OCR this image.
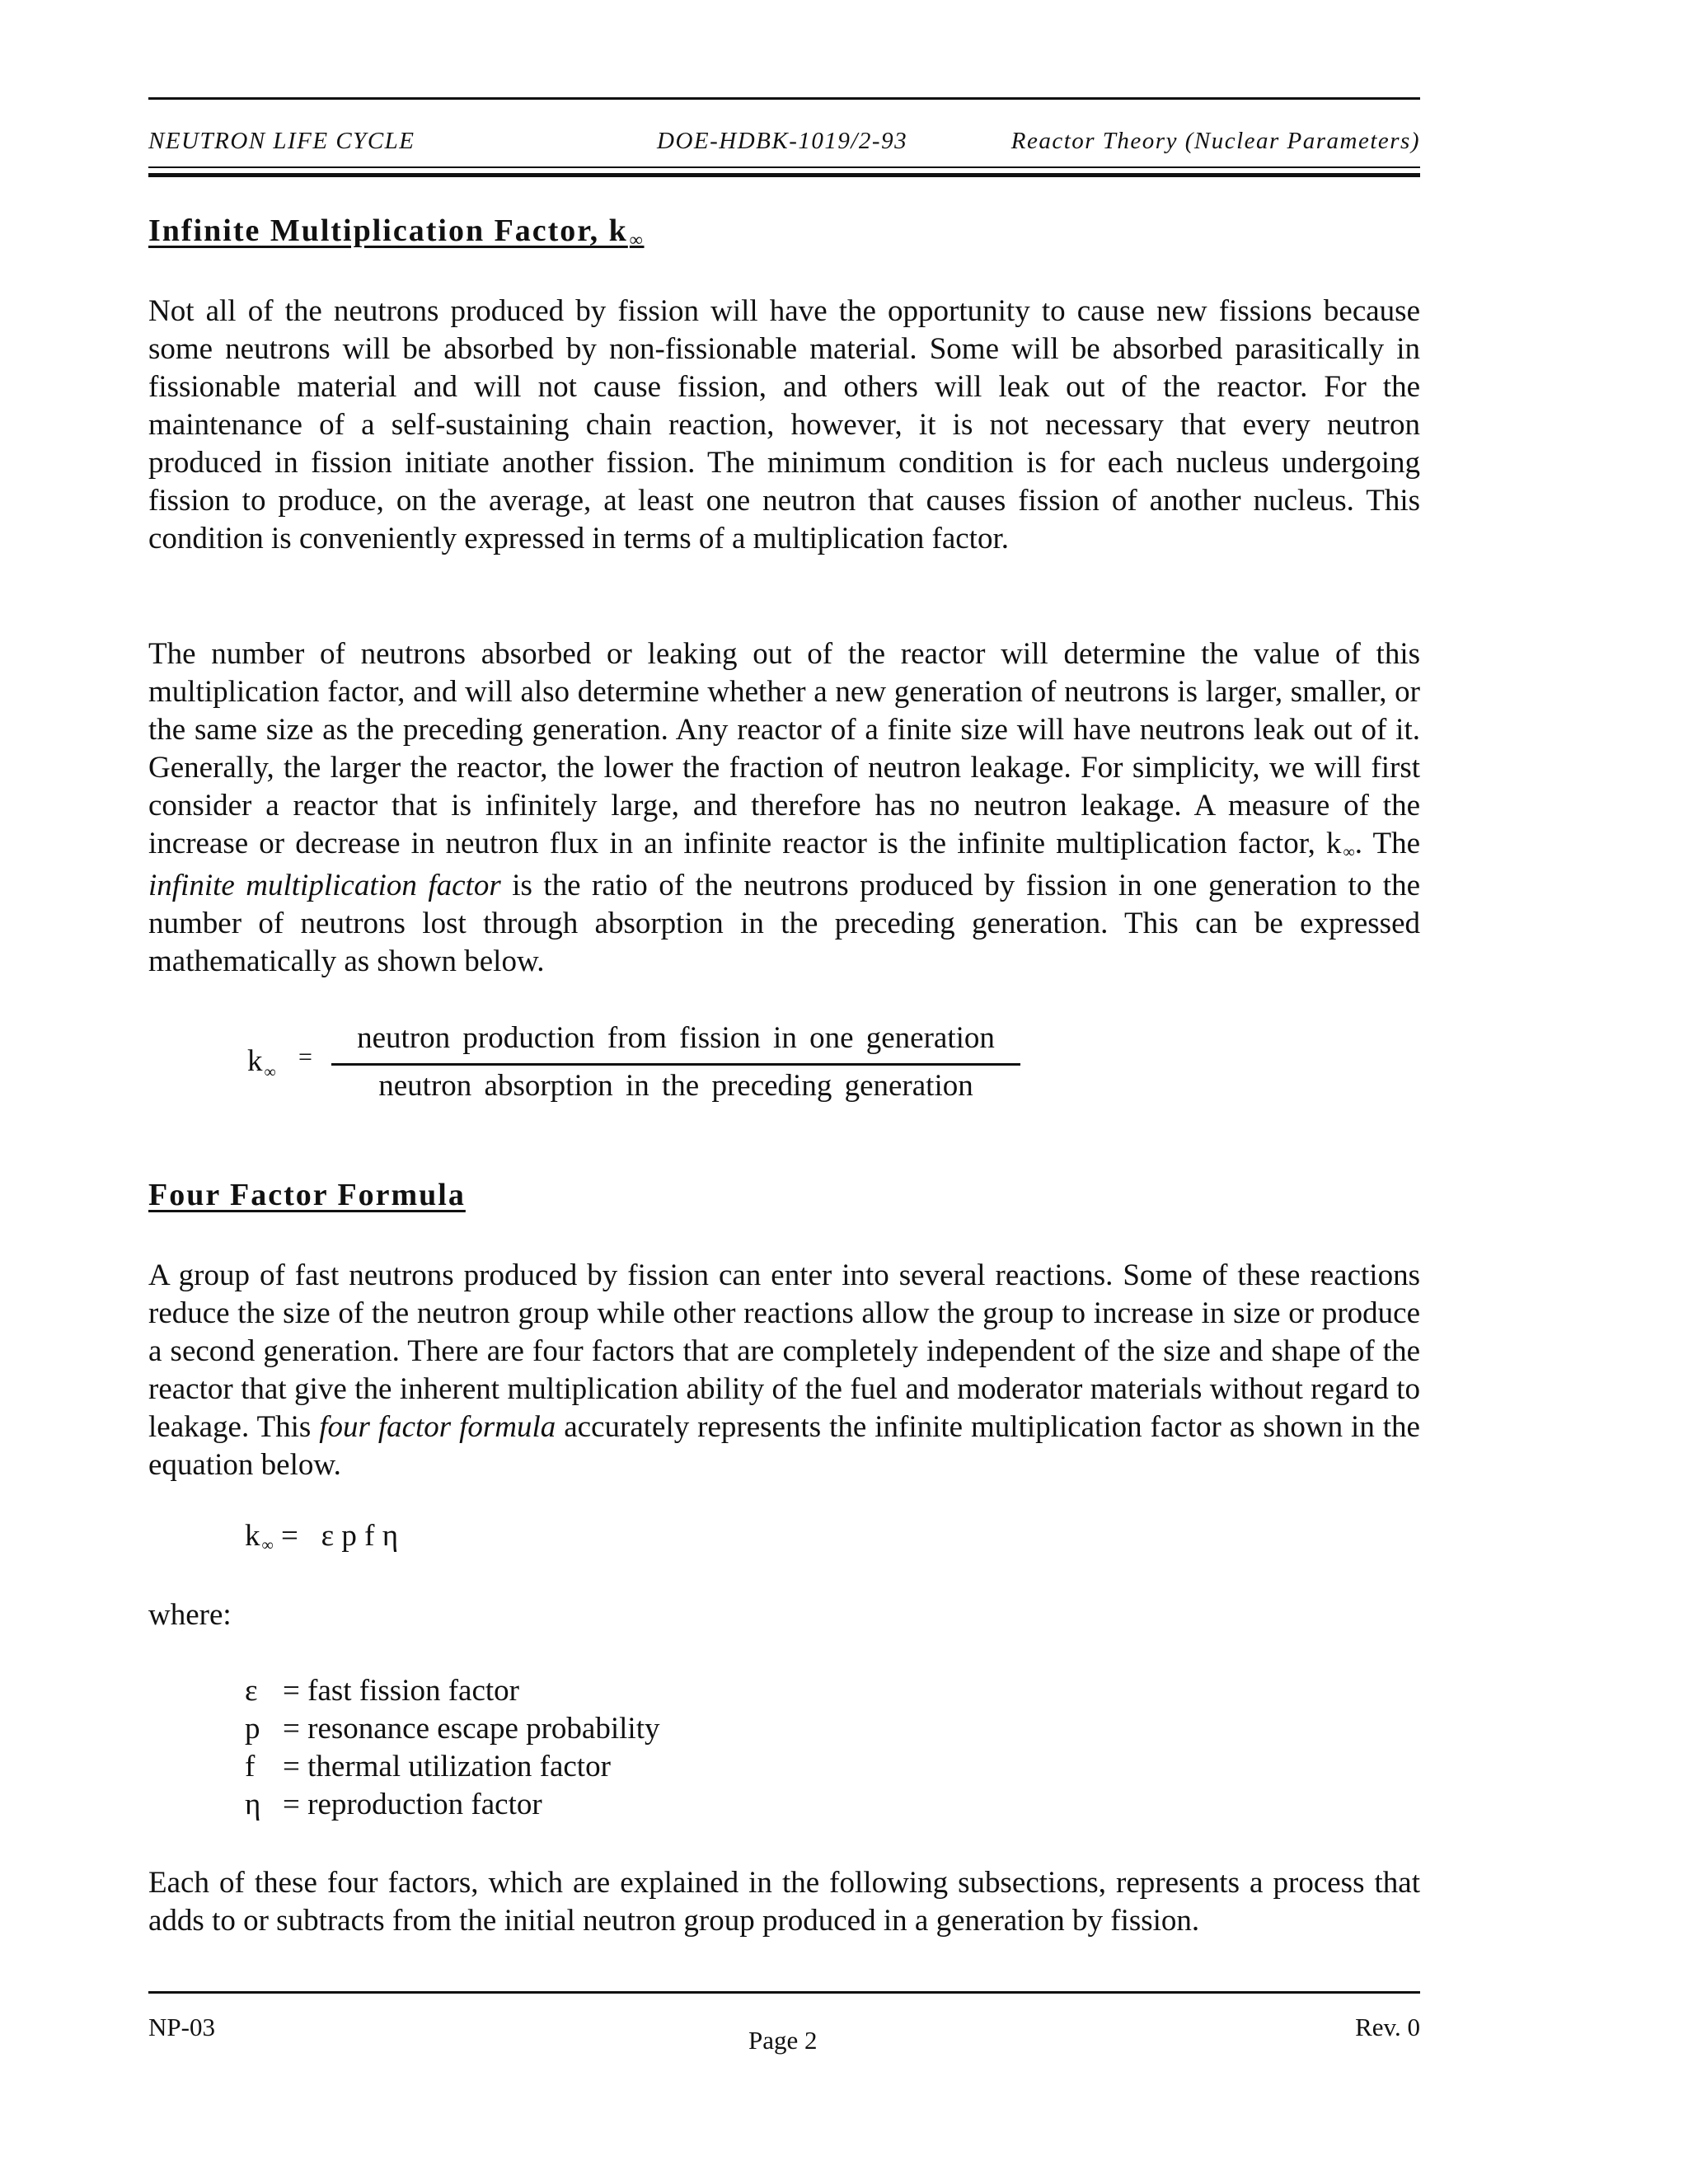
NEUTRON LIFE CYCLE	DOE-HDBK-1019/2-93	Reactor Theory (Nuclear Parameters)
Infinite Multiplication Factor, k∞

Not all of the neutrons produced by fission will have the opportunity to cause new fissions because some neutrons will be absorbed by non-fissionable material. Some will be absorbed parasitically in fissionable material and will not cause fission, and others will leak out of the reactor. For the maintenance of a self-sustaining chain reaction, however, it is not necessary that every neutron produced in fission initiate another fission. The minimum condition is for each nucleus undergoing fission to produce, on the average, at least one neutron that causes fission of another nucleus. This condition is conveniently expressed in terms of a multiplication factor.

The number of neutrons absorbed or leaking out of the reactor will determine the value of this multiplication factor, and will also determine whether a new generation of neutrons is larger, smaller, or the same size as the preceding generation. Any reactor of a finite size will have neutrons leak out of it. Generally, the larger the reactor, the lower the fraction of neutron leakage. For simplicity, we will first consider a reactor that is infinitely large, and therefore has no neutron leakage. A measure of the increase or decrease in neutron flux in an infinite reactor is the infinite multiplication factor, k ∞. The infinite multiplication factor is the ratio of the neutrons produced by fission in one generation to the number of neutrons lost through absorption in the preceding generation. This can be expressed mathematically as shown below.

k $_\infty$
=
neutron production from fission in one generation
neutron absorption in the preceding generation
Four Factor Formula

A group of fast neutrons produced by fission can enter into several reactions. Some of these reactions reduce the size of the neutron group while other reactions allow the group to increase in size or produce a second generation. There are four factors that are completely independent of the size and shape of the reactor that give the inherent multiplication ability of the fuel and moderator materials without regard to leakage. This four factor formula accurately represents the infinite multiplication factor as shown in the equation below.

k ∞ =   ε p f η
where:
ε = fast fission factor
p = resonance escape probability
f = thermal utilization factor
η = reproduction factor

Each of these four factors, which are explained in the following subsections, represents a process that adds to or subtracts from the initial neutron group produced in a generation by fission.

NP-03	Page 2	Rev. 0
